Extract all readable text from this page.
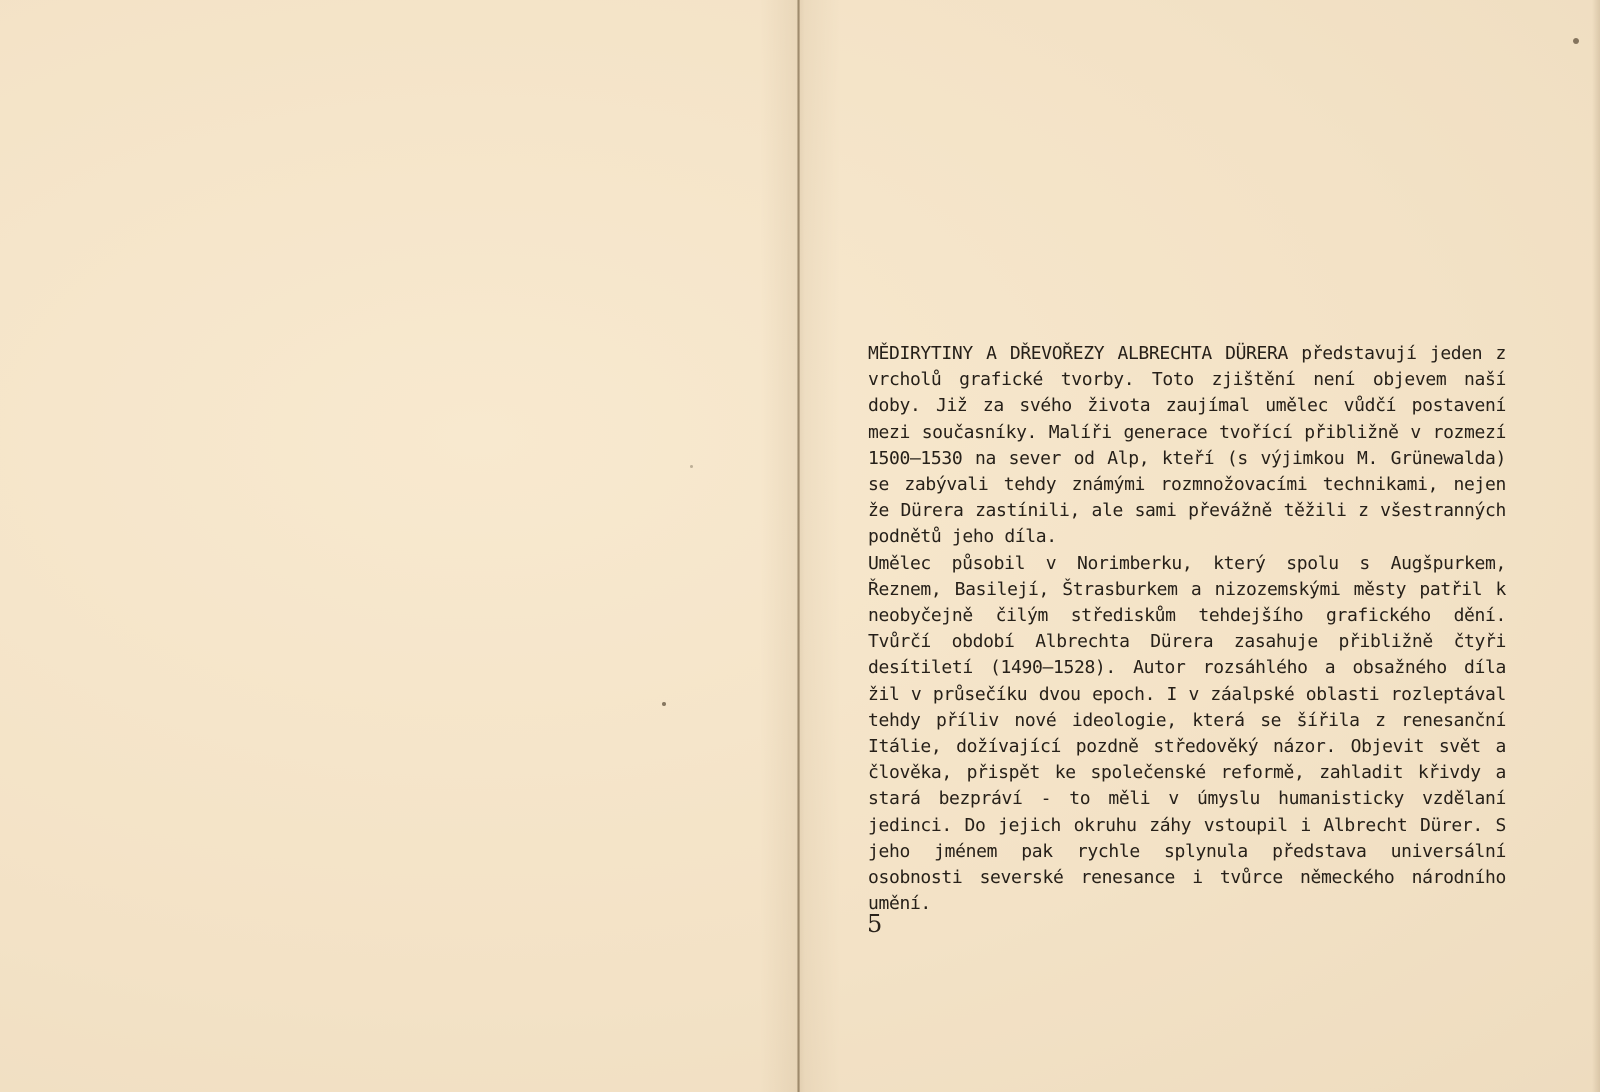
MĚDIRYTINY A DŘEVOŘEZY ALBRECHTA DÜRERA představují jeden z vrcholů grafické tvorby. Toto zjištění není objevem naší doby. Již za svého života zaujímal umělec vůdčí postavení mezi současníky. Malíři generace tvořící přibližně v rozmezí 1500—1530 na sever od Alp, kteří (s výjimkou M. Grünewalda) se zabývali tehdy známými rozmnožovacími technikami, nejen že Dürera zastínili, ale sami převážně těžili z všestranných podnětů jeho díla.

Umělec působil v Norimberku, který spolu s Augšpurkem, Řeznem, Basilejí, Štrasburkem a nizozemskými městy patřil k neobyčejně čilým střediskům tehdejšího grafického dění. Tvůrčí období Albrechta Dürera zasahuje přibližně čtyři desítiletí (1490—1528). Autor rozsáhlého a obsažného díla žil v průsečíku dvou epoch. I v záalpské oblasti rozleptával tehdy příliv nové ideologie, která se šířila z renesanční Itálie, dožívající pozdně středověký názor. Objevit svět a člověka, přispět ke společenské reformě, zahladit křivdy a stará bezpráví - to měli v úmyslu humanisticky vzdělaní jedinci. Do jejich okruhu záhy vstoupil i Albrecht Dürer. S jeho jménem pak rychle splynula představa universální osobnosti severské renesance i tvůrce německého národního umění.

5
